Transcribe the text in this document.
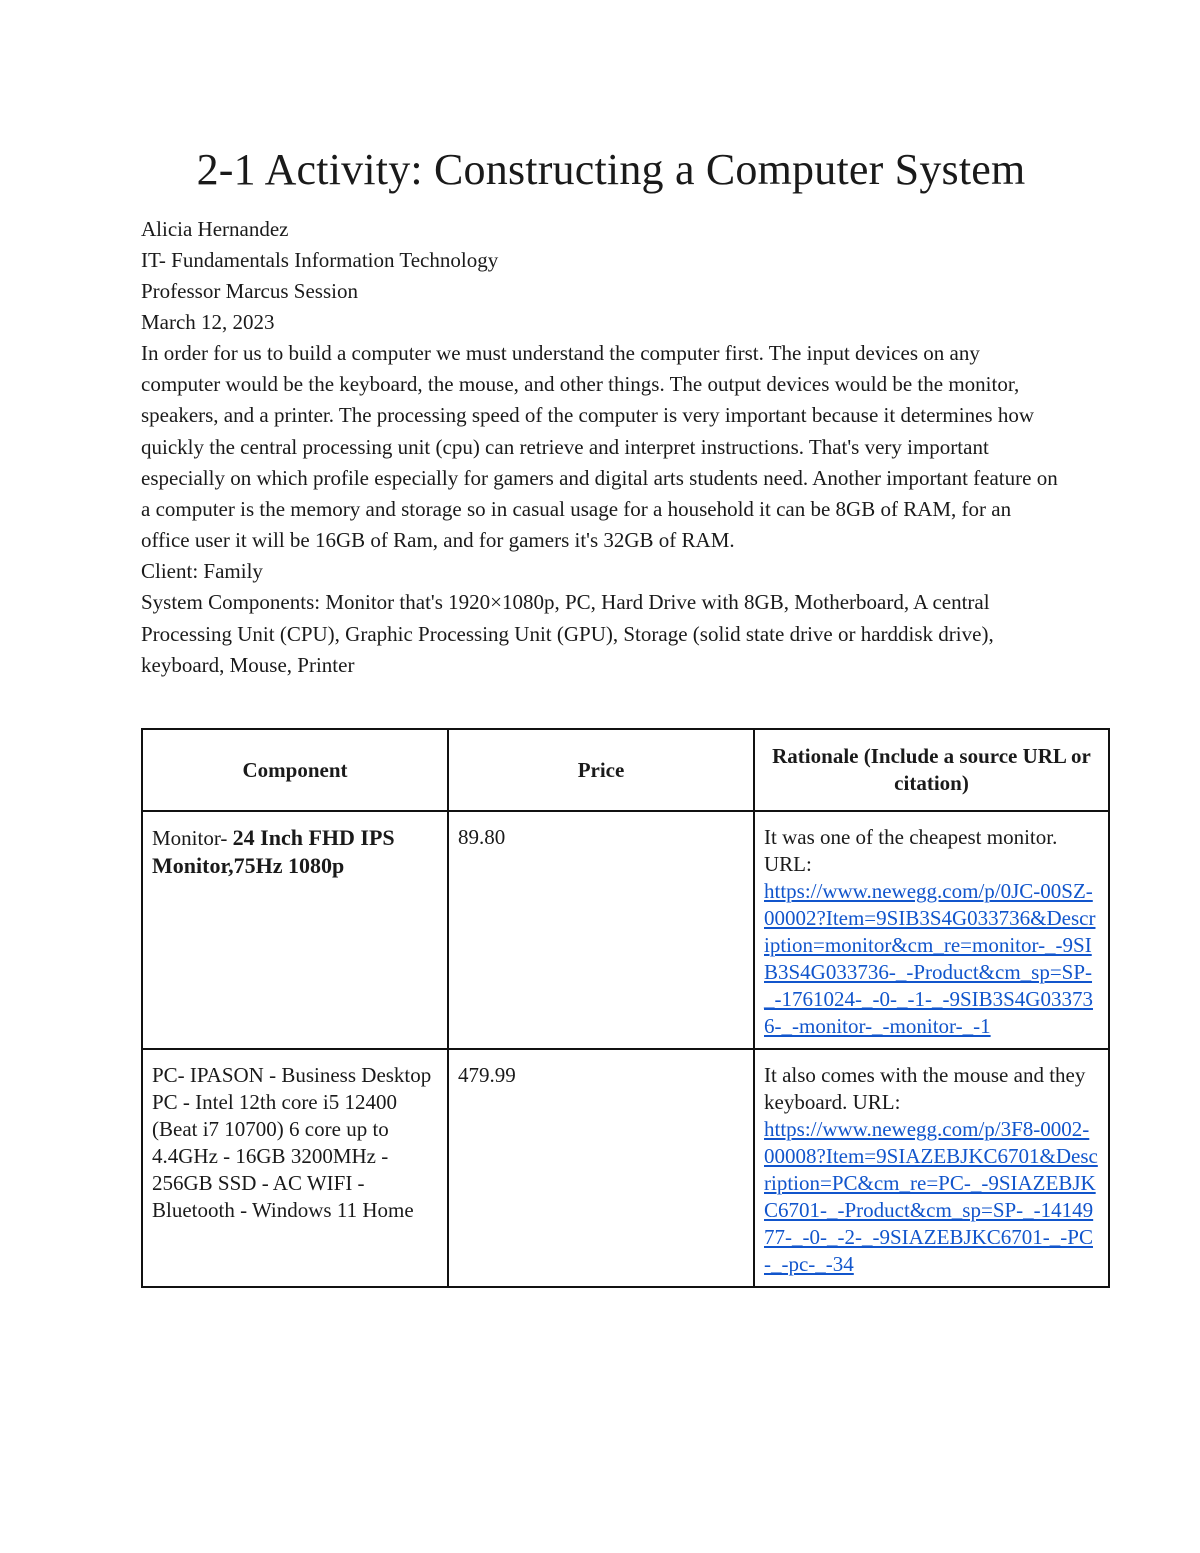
2-1 Activity: Constructing a Computer System

Alicia Hernandez

IT- Fundamentals Information Technology

Professor Marcus Session

March 12, 2023

In order for us to build a computer we must understand the computer first. The input devices on any computer would be the keyboard, the mouse, and other things. The output devices would be the monitor, speakers, and a printer. The processing speed of the computer is very important because it determines how quickly the central processing unit (cpu) can retrieve and interpret instructions. That's very important especially on which profile especially for gamers and digital arts students need. Another important feature on a computer is the memory and storage so in casual usage for a household it can be 8GB of RAM, for an office user it will be 16GB of Ram, and for gamers it's 32GB of RAM.

Client: Family

System Components: Monitor that's 1920×1080p, PC, Hard Drive with 8GB, Motherboard, A central Processing Unit (CPU), Graphic Processing Unit (GPU), Storage (solid state drive or harddisk drive), keyboard, Mouse, Printer

Component	Price	Rationale (Include a source URL or citation)
Monitor- 24 Inch FHD IPS Monitor,75Hz 1080p	89.80	It was one of the cheapest monitor. URL:
https://www.newegg.com/p/0JC-00SZ-00002?Item=9SIB3S4G033736&Description=monitor&cm_re=monitor-_-9SIB3S4G033736-_-Product&cm_sp=SP-_-1761024-_-0-_-1-_-9SIB3S4G033736-_-monitor-_-monitor-_-1
PC- IPASON - Business Desktop PC - Intel 12th core i5 12400 (Beat i7 10700) 6 core up to 4.4GHz - 16GB 3200MHz - 256GB SSD - AC WIFI - Bluetooth - Windows 11 Home	479.99	It also comes with the mouse and they keyboard. URL:
https://www.newegg.com/p/3F8-0002-00008?Item=9SIAZEBJKC6701&Description=PC&cm_re=PC-_-9SIAZEBJKC6701-_-Product&cm_sp=SP-_-1414977-_-0-_-2-_-9SIAZEBJKC6701-_-PC-_-pc-_-34
